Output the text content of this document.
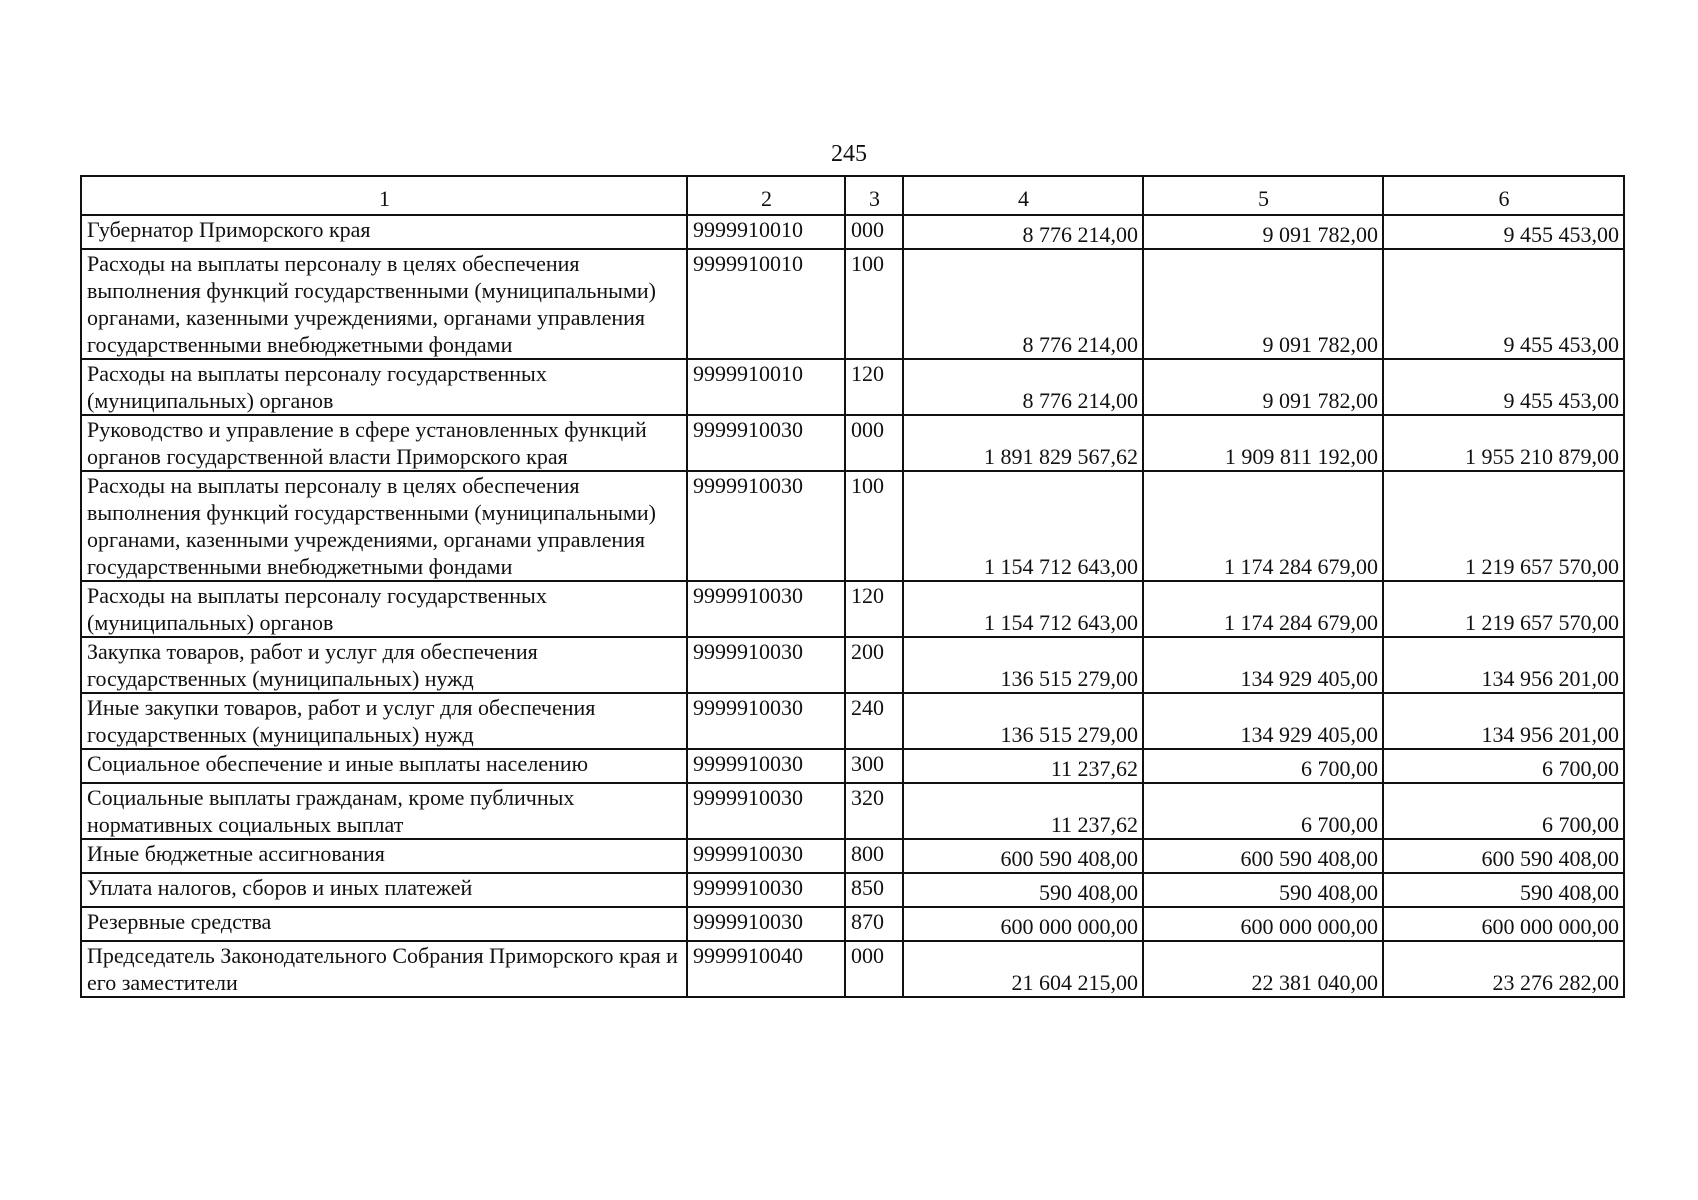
245
1	2	3	4	5	6
Губернатор Приморского края	9999910010	000	8 776 214,00	9 091 782,00	9 455 453,00
Расходы на выплаты персоналу в целях обеспечения выполнения функций государственными (муниципальными) органами, казенными учреждениями, органами управления государственными внебюджетными фондами	9999910010	100	8 776 214,00	9 091 782,00	9 455 453,00
Расходы на выплаты персоналу государственных (муниципальных) органов	9999910010	120	8 776 214,00	9 091 782,00	9 455 453,00
Руководство и управление в сфере установленных функций органов государственной власти Приморского края	9999910030	000	1 891 829 567,62	1 909 811 192,00	1 955 210 879,00
Расходы на выплаты персоналу в целях обеспечения выполнения функций государственными (муниципальными) органами, казенными учреждениями, органами управления государственными внебюджетными фондами	9999910030	100	1 154 712 643,00	1 174 284 679,00	1 219 657 570,00
Расходы на выплаты персоналу государственных (муниципальных) органов	9999910030	120	1 154 712 643,00	1 174 284 679,00	1 219 657 570,00
Закупка товаров, работ и услуг для обеспечения государственных (муниципальных) нужд	9999910030	200	136 515 279,00	134 929 405,00	134 956 201,00
Иные закупки товаров, работ и услуг для обеспечения государственных (муниципальных) нужд	9999910030	240	136 515 279,00	134 929 405,00	134 956 201,00
Социальное обеспечение и иные выплаты населению	9999910030	300	11 237,62	6 700,00	6 700,00
Социальные выплаты гражданам, кроме публичных нормативных социальных выплат	9999910030	320	11 237,62	6 700,00	6 700,00
Иные бюджетные ассигнования	9999910030	800	600 590 408,00	600 590 408,00	600 590 408,00
Уплата налогов, сборов и иных платежей	9999910030	850	590 408,00	590 408,00	590 408,00
Резервные средства	9999910030	870	600 000 000,00	600 000 000,00	600 000 000,00
Председатель Законодательного Собрания Приморского края и его заместители	9999910040	000	21 604 215,00	22 381 040,00	23 276 282,00
